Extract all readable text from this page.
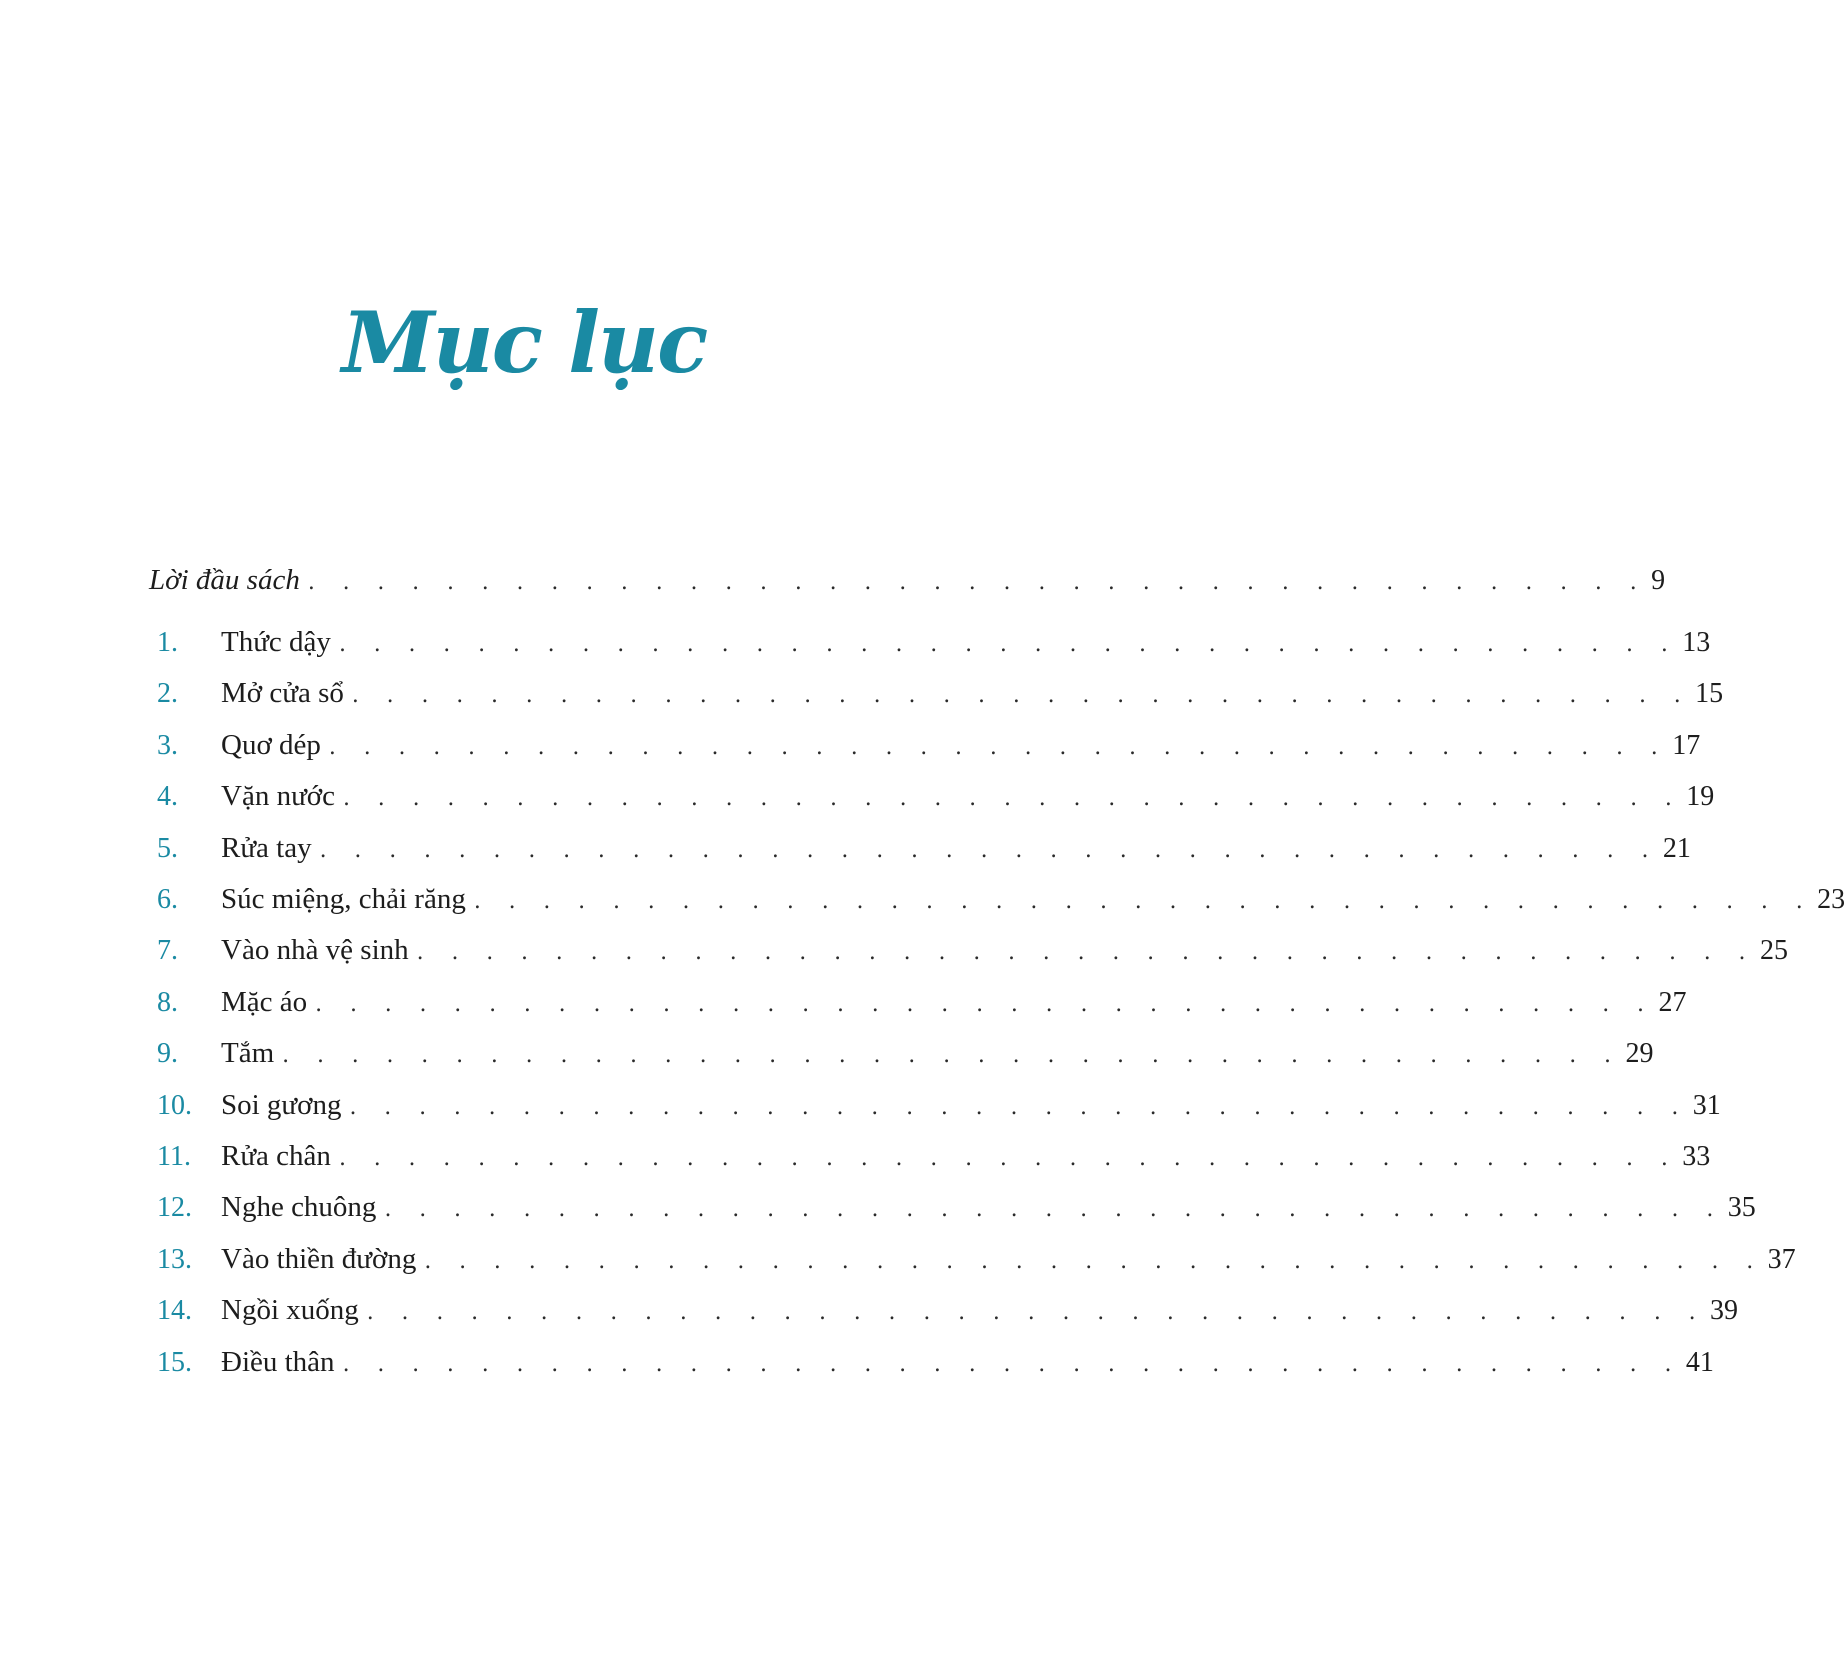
Mục lục
Lời đầu sách . . . . . . . . . . . . . . . . . . . . . . . . . . . . . . . . . . . . . . . 9
1.	Thức dậy . . . . . . . . . . . . . . . . . . . . . . . . . . . . . . . . . . . . . . . 13
2.	Mở cửa sổ . . . . . . . . . . . . . . . . . . . . . . . . . . . . . . . . . . . . . . . 15
3.	Quơ dép . . . . . . . . . . . . . . . . . . . . . . . . . . . . . . . . . . . . . . . 17
4.	Vặn nước . . . . . . . . . . . . . . . . . . . . . . . . . . . . . . . . . . . . . . . 19
5.	Rửa tay . . . . . . . . . . . . . . . . . . . . . . . . . . . . . . . . . . . . . . . 21
6.	Súc miệng, chải răng . . . . . . . . . . . . . . . . . . . . . . . . . . . . . . . . . . . . . . . 23
7.	Vào nhà vệ sinh . . . . . . . . . . . . . . . . . . . . . . . . . . . . . . . . . . . . . . . 25
8.	Mặc áo . . . . . . . . . . . . . . . . . . . . . . . . . . . . . . . . . . . . . . . 27
9.	Tắm . . . . . . . . . . . . . . . . . . . . . . . . . . . . . . . . . . . . . . . 29
10.	Soi gương . . . . . . . . . . . . . . . . . . . . . . . . . . . . . . . . . . . . . . . 31
11.	Rửa chân . . . . . . . . . . . . . . . . . . . . . . . . . . . . . . . . . . . . . . . 33
12.	Nghe chuông . . . . . . . . . . . . . . . . . . . . . . . . . . . . . . . . . . . . . . . 35
13.	Vào thiền đường . . . . . . . . . . . . . . . . . . . . . . . . . . . . . . . . . . . . . . . 37
14.	Ngồi xuống . . . . . . . . . . . . . . . . . . . . . . . . . . . . . . . . . . . . . . . 39
15.	Điều thân . . . . . . . . . . . . . . . . . . . . . . . . . . . . . . . . . . . . . . . 41
